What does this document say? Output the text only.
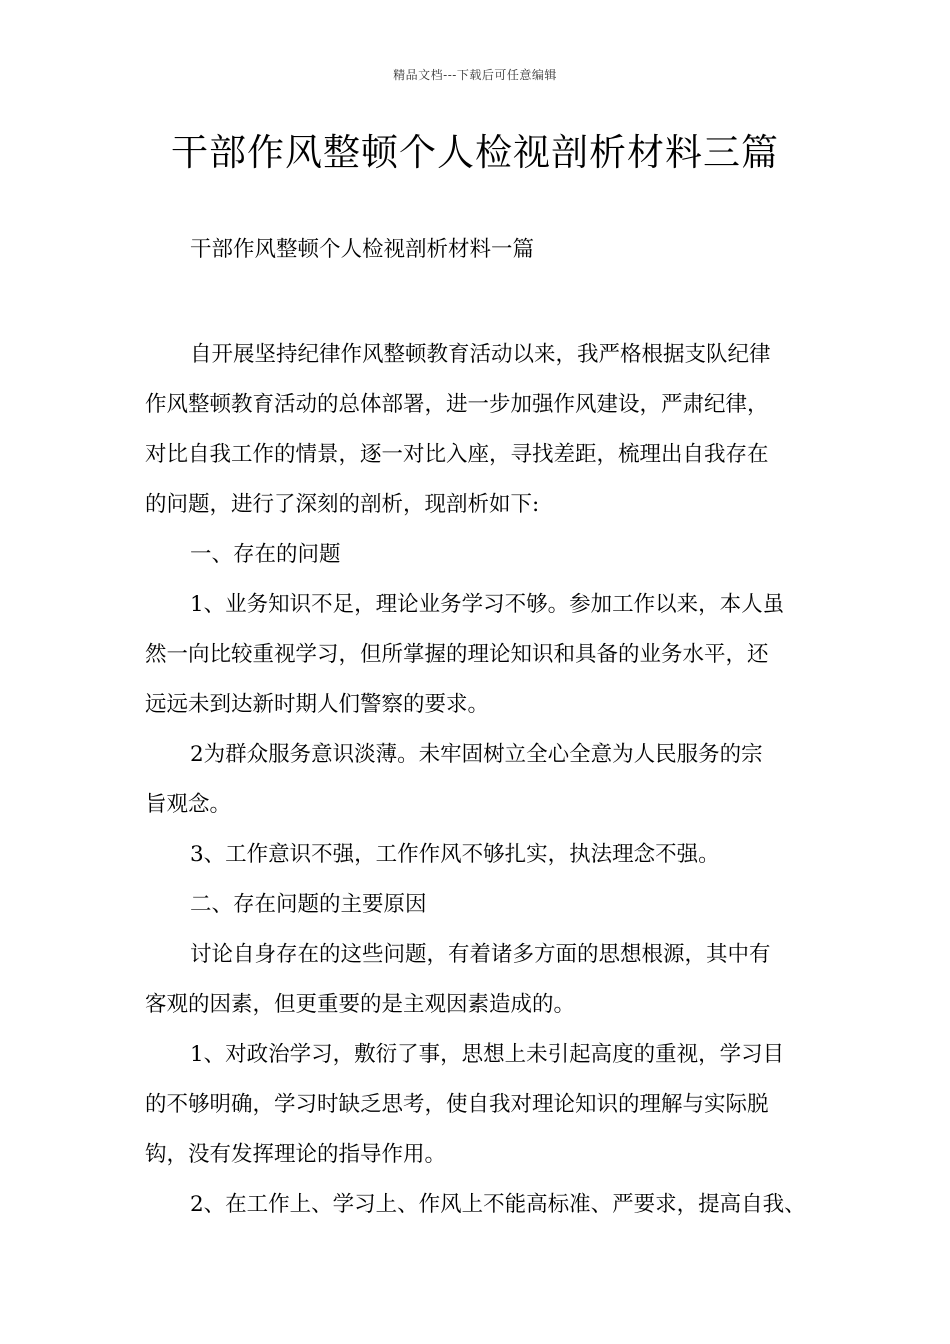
精品文档---下载后可任意编辑
干部作风整顿个人检视剖析材料三篇
干部作风整顿个人检视剖析材料一篇
自开展坚持纪律作风整顿教育活动以来，我严格根据支队纪律
作风整顿教育活动的总体部署，进一步加强作风建设，严肃纪律，
对比自我工作的情景，逐一对比入座，寻找差距，梳理出自我存在
的问题，进行了深刻的剖析，现剖析如下:
一、存在的问题
1、业务知识不足，理论业务学习不够。参加工作以来，本人虽
然一向比较重视学习，但所掌握的理论知识和具备的业务水平，还
远远未到达新时期人们警察的要求。
2为群众服务意识淡薄。未牢固树立全心全意为人民服务的宗
旨观念。
3、工作意识不强，工作作风不够扎实，执法理念不强。
二、存在问题的主要原因
讨论自身存在的这些问题，有着诸多方面的思想根源，其中有
客观的因素，但更重要的是主观因素造成的。
1、对政治学习，敷衍了事，思想上未引起高度的重视，学习目
的不够明确，学习时缺乏思考，使自我对理论知识的理解与实际脱
钩，没有发挥理论的指导作用。
2、在工作上、学习上、作风上不能高标准、严要求，提高自我、
